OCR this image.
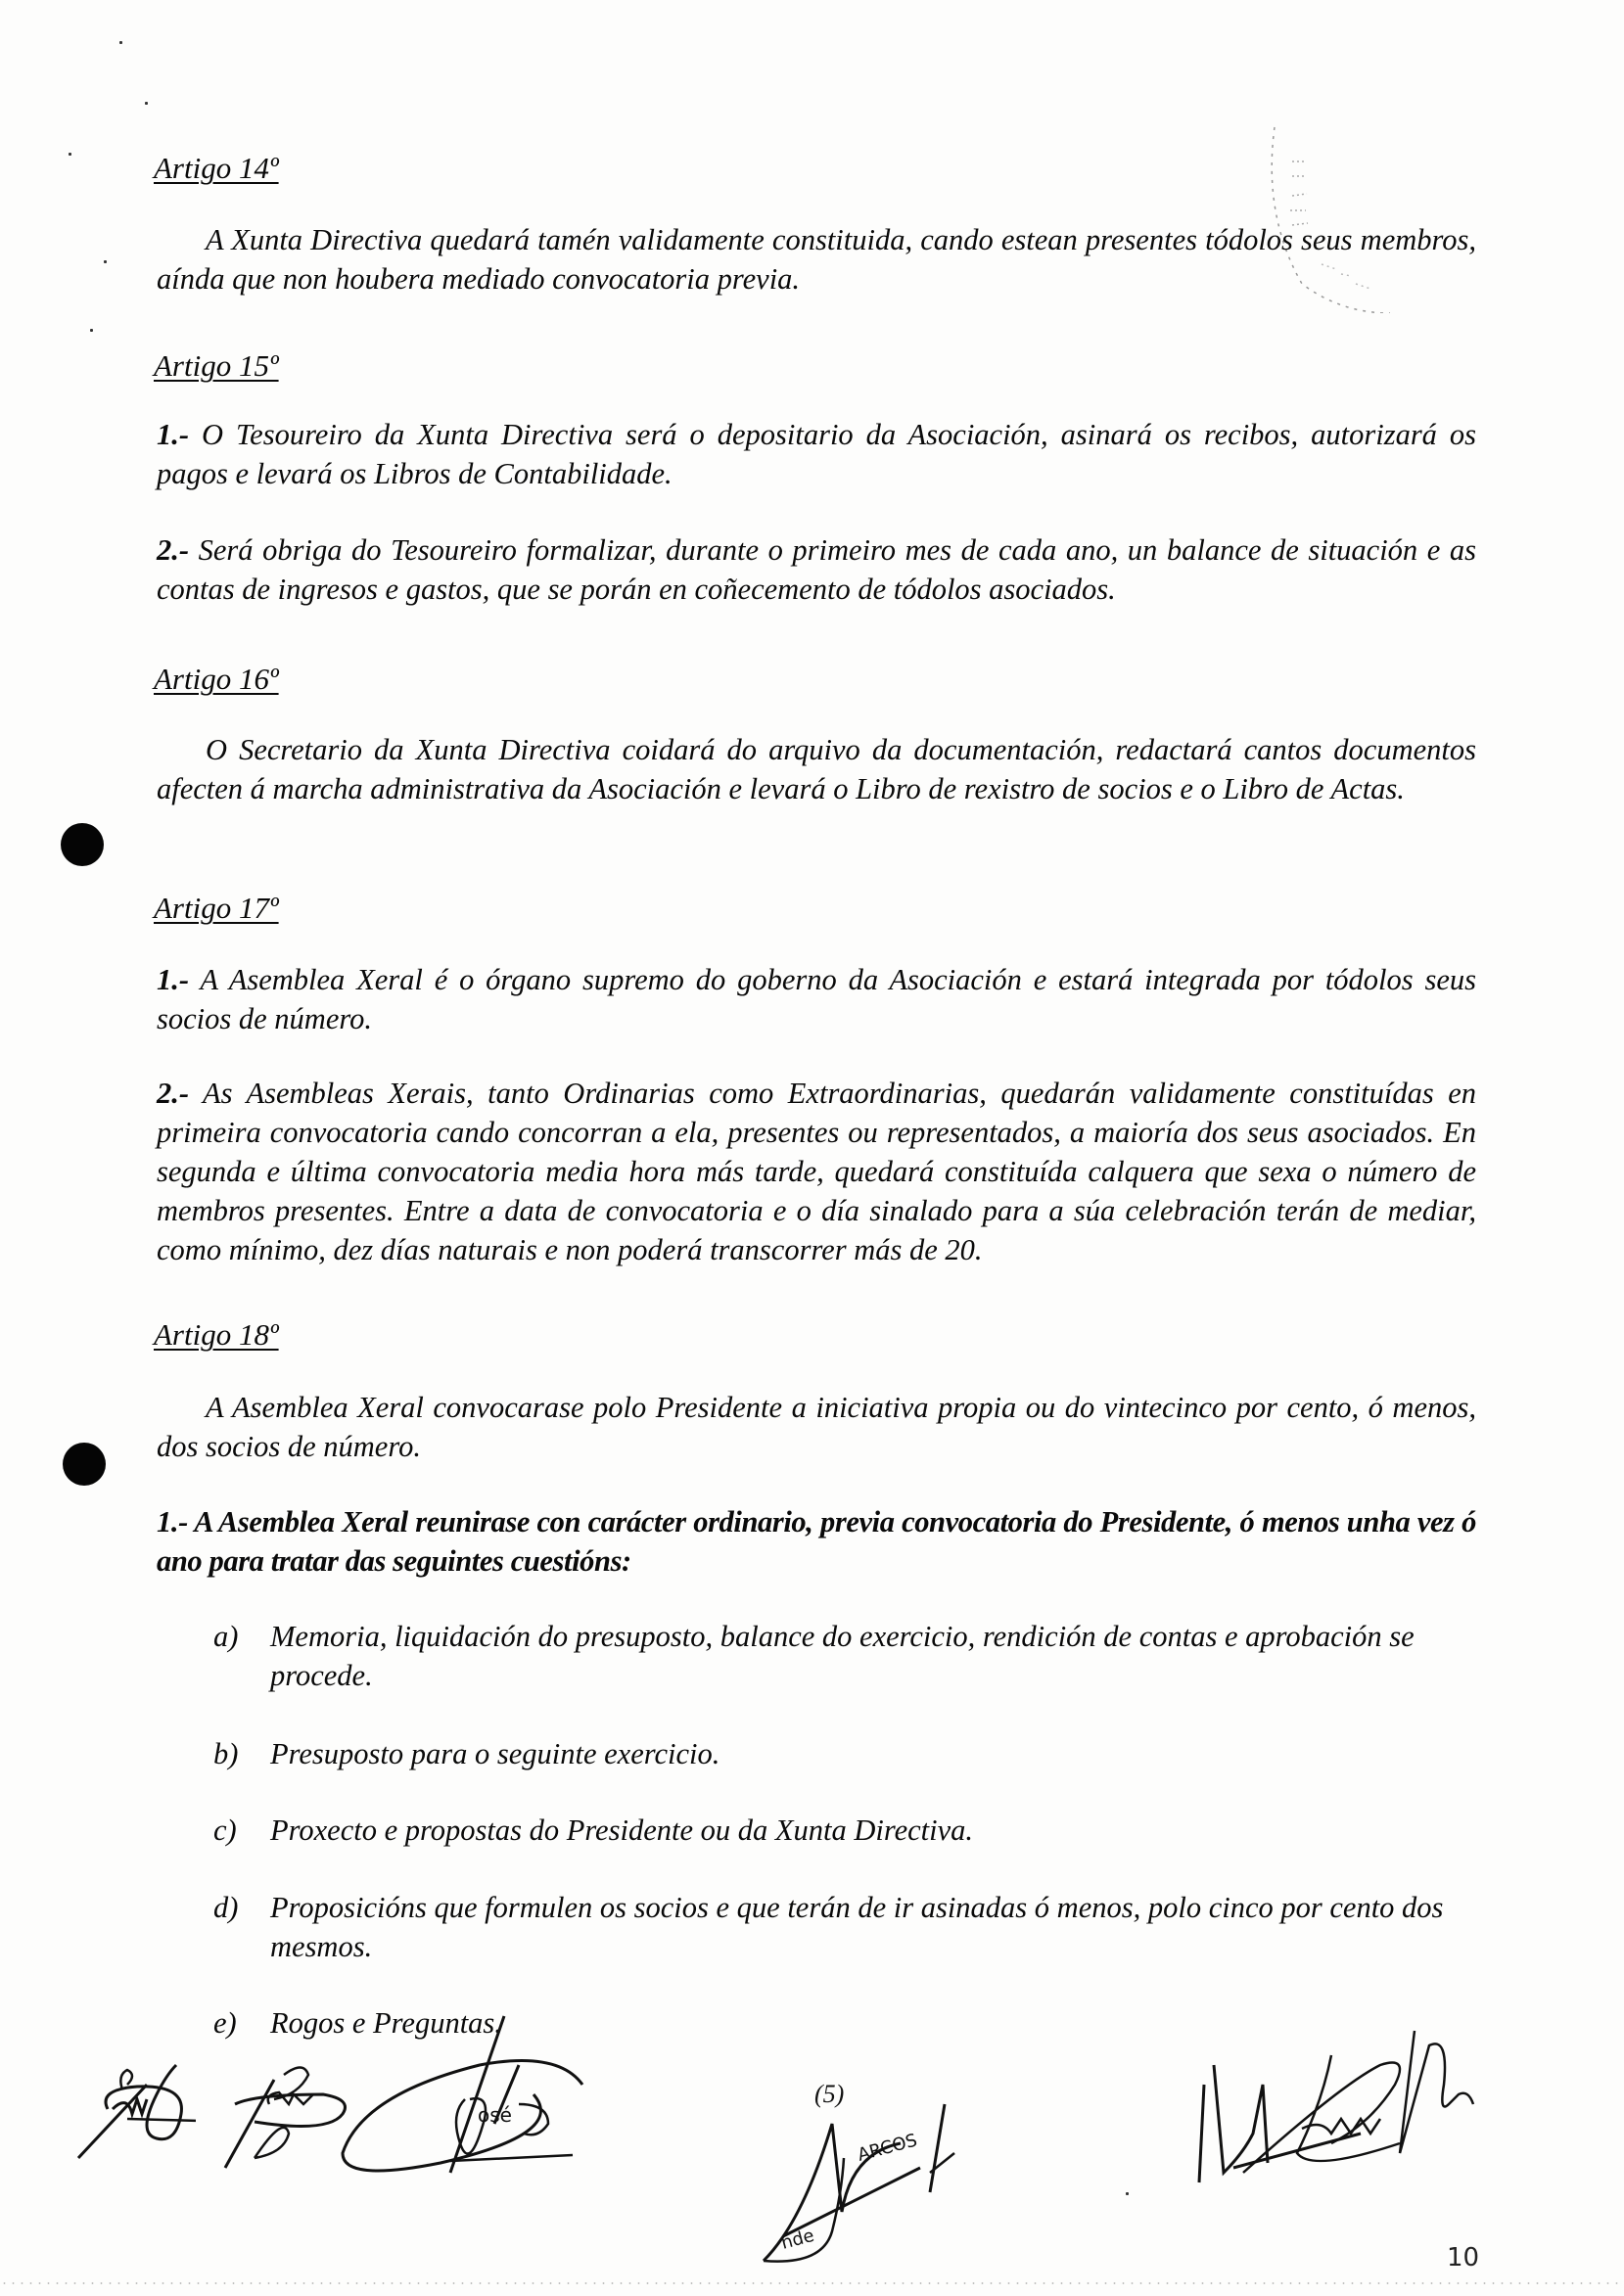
Artigo 14º

A Xunta Directiva quedará tamén validamente constituida, cando estean presentes tódolos seus membros, aínda que non houbera mediado convocatoria previa.

Artigo 15º

1.- O Tesoureiro da Xunta Directiva será o depositario da Asociación, asinará os recibos, autorizará os pagos e levará os Libros de Contabilidade.

2.- Será obriga do Tesoureiro formalizar, durante o primeiro mes de cada ano, un balance de situación e as contas de ingresos e gastos, que se porán en coñecemento de tódolos asociados.

Artigo 16º

O Secretario da Xunta Directiva coidará do arquivo da documentación, redactará cantos documentos afecten á marcha administrativa da Asociación e levará o Libro de rexistro de socios e o Libro de Actas.

Artigo 17º

1.- A Asemblea Xeral é o órgano supremo do goberno da Asociación e estará integrada por tódolos seus socios de número.

2.- As Asembleas Xerais, tanto Ordinarias como Extraordinarias, quedarán validamente constituídas en primeira convocatoria cando concorran a ela, presentes ou representados, a maioría dos seus asociados. En segunda e última convocatoria media hora más tarde, quedará constituída calquera que sexa o número de membros presentes. Entre a data de convocatoria e o día sinalado para a súa celebración terán de mediar, como mínimo, dez días naturais e non poderá transcorrer más de 20.

Artigo 18º

A Asemblea Xeral convocarase polo Presidente a iniciativa propia ou do vintecinco por cento, ó menos, dos socios de número.

1.- A Asemblea Xeral reunirase con carácter ordinario, previa convocatoria do Presidente, ó menos unha vez ó ano para tratar das seguintes cuestións:

a)	Memoria, liquidación do presuposto, balance do exercicio, rendición de contas e aprobación se procede.
b)	Presuposto para o seguinte exercicio.
c)	Proxecto e propostas do Presidente ou da Xunta Directiva.
d)	Proposicións que formulen os socios e que terán de ir asinadas ó menos, polo cinco por cento dos mesmos.
e)	Rogos e Preguntas.
osé
(5)
ARCOS
nde
10
